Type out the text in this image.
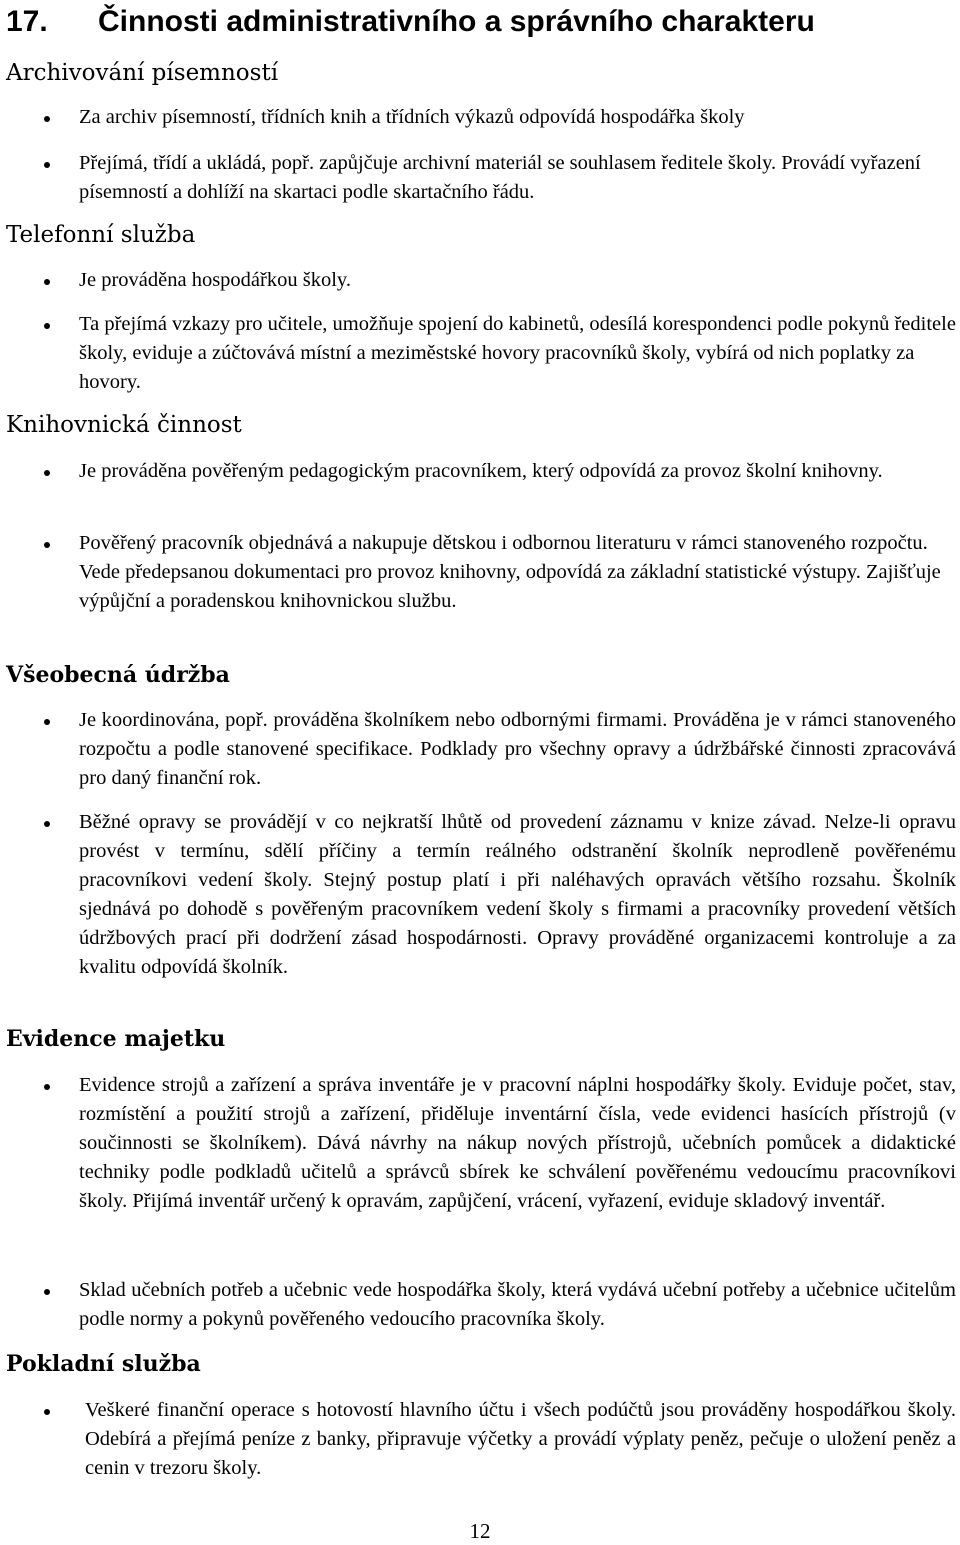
17. Činnosti administrativního a správního charakteru
Archivování písemností
Za archiv písemností, třídních knih a třídních výkazů odpovídá hospodářka školy
Přejímá, třídí a ukládá, popř. zapůjčuje archivní materiál se souhlasem ředitele školy. Provádí vyřazení písemností a dohlíží na skartaci podle skartačního řádu.
Telefonní služba
Je prováděna hospodářkou školy.
Ta přejímá vzkazy pro učitele, umožňuje spojení do kabinetů, odesílá korespondenci podle pokynů ředitele školy, eviduje a zúčtovává místní a meziměstské hovory pracovníků školy, vybírá od nich poplatky za hovory.
Knihovnická činnost
Je prováděna pověřeným pedagogickým pracovníkem, který odpovídá za provoz školní knihovny.
Pověřený pracovník objednává a nakupuje dětskou i odbornou literaturu v rámci stanoveného rozpočtu. Vede předepsanou dokumentaci pro provoz knihovny, odpovídá za základní statistické výstupy. Zajišťuje výpůjční a poradenskou knihovnickou službu.
Všeobecná údržba
Je koordinována, popř. prováděna školníkem nebo odbornými firmami. Prováděna je v rámci stanoveného rozpočtu a podle stanovené specifikace. Podklady pro všechny opravy a údržbářské činnosti zpracovává pro daný finanční rok.
Běžné opravy se provádějí v co nejkratší lhůtě od provedení záznamu v knize závad. Nelze-li opravu provést v termínu, sdělí příčiny a termín reálného odstranění školník neprodleně pověřenému pracovníkovi vedení školy. Stejný postup platí i při naléhavých opravách většího rozsahu. Školník sjednává po dohodě s pověřeným pracovníkem vedení školy s firmami a pracovníky provedení větších údržbových prací při dodržení zásad hospodárnosti. Opravy prováděné organizacemi kontroluje a za kvalitu odpovídá školník.
Evidence majetku
Evidence strojů a zařízení a správa inventáře je v pracovní náplni hospodářky školy. Eviduje počet, stav, rozmístění a použití strojů a zařízení, přiděluje inventární čísla, vede evidenci hasících přístrojů (v součinnosti se školníkem). Dává návrhy na nákup nových přístrojů, učebních pomůcek a didaktické techniky podle podkladů učitelů a správců sbírek ke schválení pověřenému vedoucímu pracovníkovi školy. Přijímá inventář určený k opravám, zapůjčení, vrácení, vyřazení, eviduje skladový inventář.
Sklad učebních potřeb a učebnic vede hospodářka školy, která vydává učební potřeby a učebnice učitelům podle normy a pokynů pověřeného vedoucího pracovníka školy.
Pokladní služba
Veškeré finanční operace s hotovostí hlavního účtu i všech podúčtů jsou prováděny hospodářkou školy. Odebírá a přejímá peníze z banky, připravuje výčetky a provádí výplaty peněz, pečuje o uložení peněz a cenin v trezoru školy.
12
